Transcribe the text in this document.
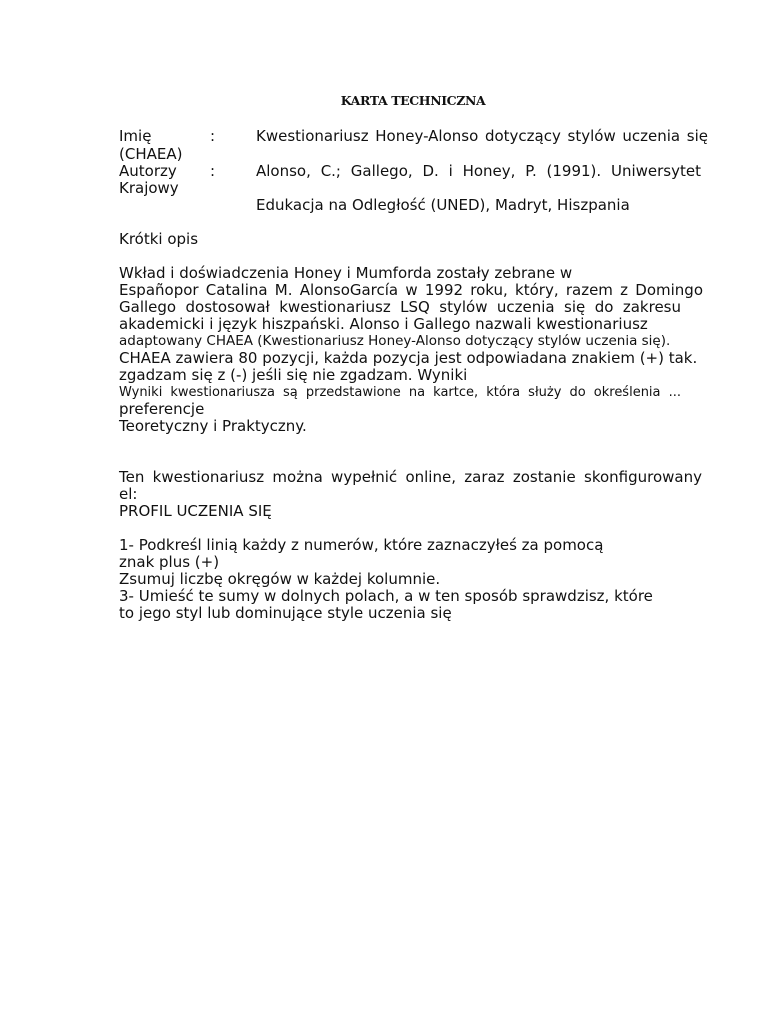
KARTA TECHNICZNA
Imię	:	Kwestionariusz Honey-Alonso dotyczący stylów uczenia się
(CHAEA)
Autorzy :	Alonso, C.; Gallego, D. i Honey, P. (1991). Uniwersytet
Krajowy
Edukacja na Odległość (UNED), Madryt, Hiszpania
Krótki opis
Wkład i doświadczenia Honey i Mumforda zostały zebrane w
Españopor Catalina M. AlonsoGarcía w 1992 roku, który, razem z Domingo
Gallego dostosował kwestionariusz LSQ stylów uczenia się do zakresu
akademicki i język hiszpański. Alonso i Gallego nazwali kwestionariusz
adaptowany CHAEA (Kwestionariusz Honey-Alonso dotyczący stylów uczenia się).
CHAEA zawiera 80 pozycji, każda pozycja jest odpowiadana znakiem (+) tak.
zgadzam się z (-) jeśli się nie zgadzam. Wyniki
Wyniki kwestionariusza są przedstawione na kartce, która służy do określenia ...
preferencje
Teoretyczny i Praktyczny.
Ten kwestionariusz można wypełnić online, zaraz zostanie skonfigurowany
el:
PROFIL UCZENIA SIĘ
1- Podkreśl linią każdy z numerów, które zaznaczyłeś za pomocą
znak plus (+)
Zsumuj liczbę okręgów w każdej kolumnie.
3- Umieść te sumy w dolnych polach, a w ten sposób sprawdzisz, które
to jego styl lub dominujące style uczenia się
